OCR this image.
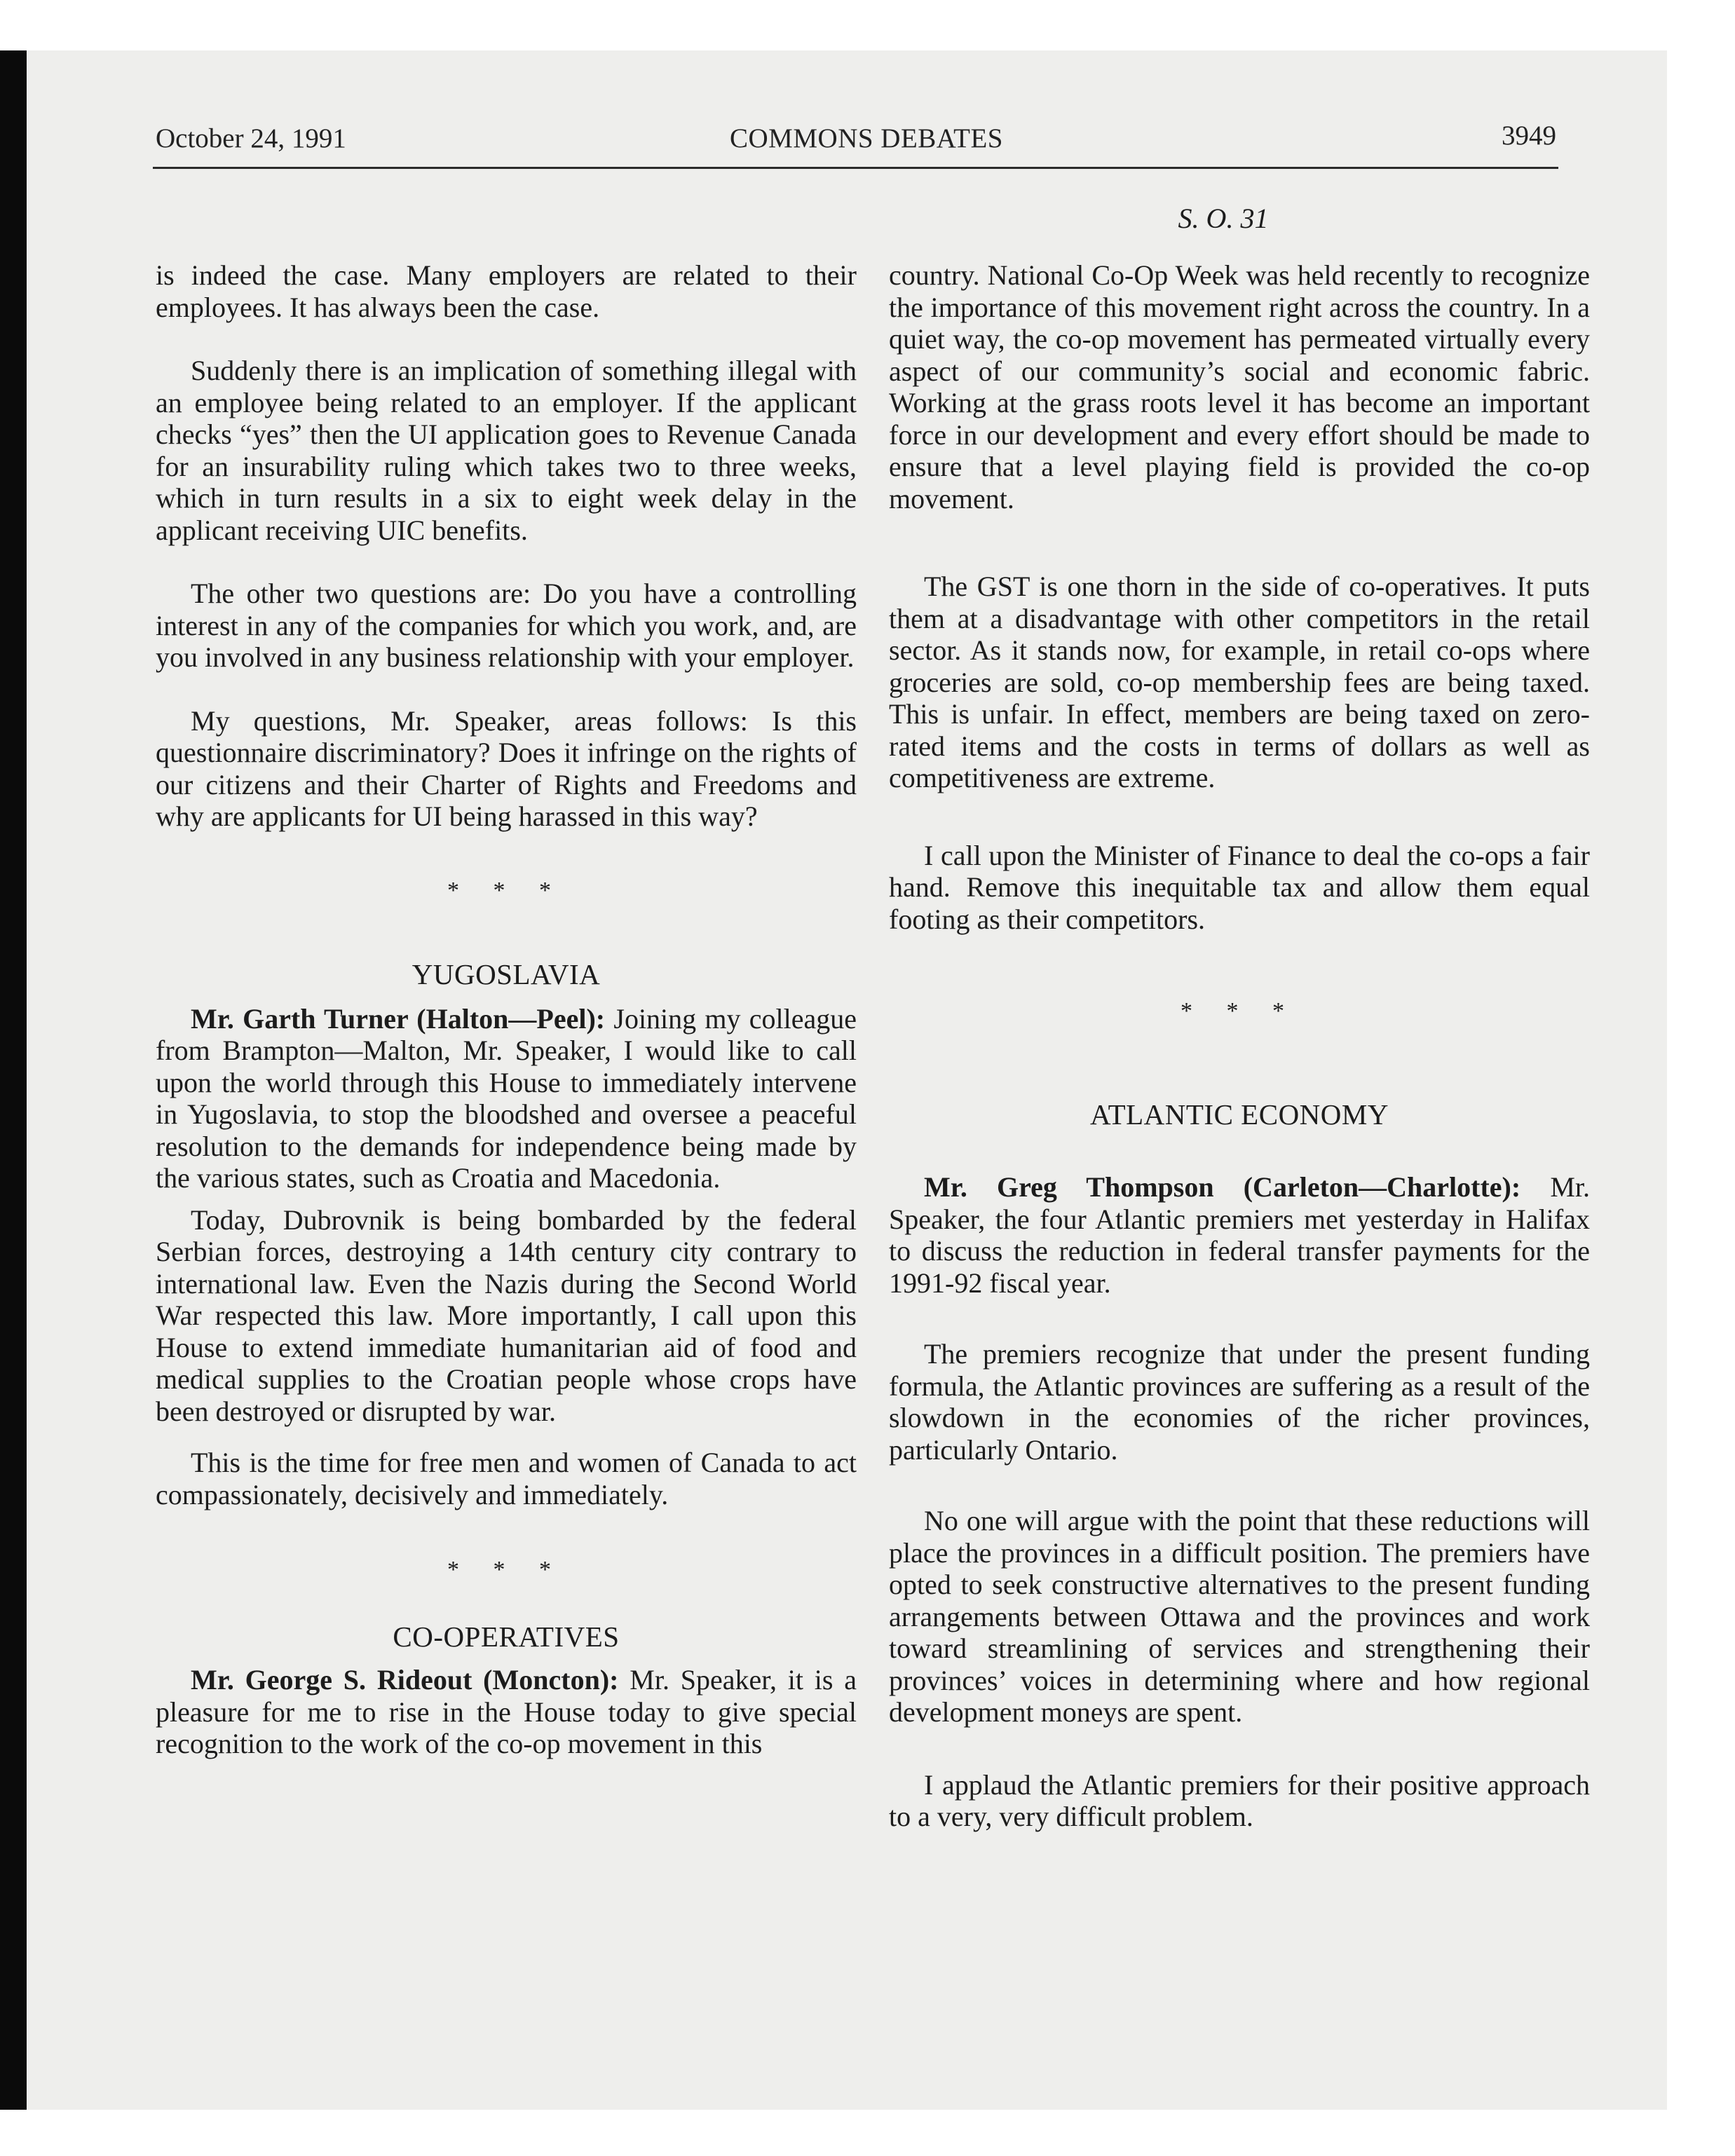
October 24, 1991	COMMONS DEBATES	3949
S. O. 31

is indeed the case. Many employers are related to their employees. It has always been the case.

Suddenly there is an implication of something illegal with an employee being related to an employer. If the applicant checks “yes” then the UI application goes to Revenue Canada for an insurability ruling which takes two to three weeks, which in turn results in a six to eight week delay in the applicant receiving UIC benefits.

The other two questions are: Do you have a controlling interest in any of the companies for which you work, and, are you involved in any business relationship with your employer.

My questions, Mr. Speaker, areas follows: Is this questionnaire discriminatory? Does it infringe on the rights of our citizens and their Charter of Rights and Freedoms and why are applicants for UI being harassed in this way?

* * *

YUGOSLAVIA

Mr. Garth Turner (Halton—Peel): Joining my colleague from Brampton—Malton, Mr. Speaker, I would like to call upon the world through this House to immediately intervene in Yugoslavia, to stop the bloodshed and oversee a peaceful resolution to the demands for independence being made by the various states, such as Croatia and Macedonia.

Today, Dubrovnik is being bombarded by the federal Serbian forces, destroying a 14th century city contrary to international law. Even the Nazis during the Second World War respected this law. More importantly, I call upon this House to extend immediate humanitarian aid of food and medical supplies to the Croatian people whose crops have been destroyed or disrupted by war.

This is the time for free men and women of Canada to act compassionately, decisively and immediately.

* * *

CO-OPERATIVES

Mr. George S. Rideout (Moncton): Mr. Speaker, it is a pleasure for me to rise in the House today to give special recognition to the work of the co-op movement in this

country. National Co-Op Week was held recently to recognize the importance of this movement right across the country. In a quiet way, the co-op movement has permeated virtually every aspect of our community’s social and economic fabric. Working at the grass roots level it has become an important force in our development and every effort should be made to ensure that a level playing field is provided the co-op movement.

The GST is one thorn in the side of co-operatives. It puts them at a disadvantage with other competitors in the retail sector. As it stands now, for example, in retail co-ops where groceries are sold, co-op membership fees are being taxed. This is unfair. In effect, members are being taxed on zero-rated items and the costs in terms of dollars as well as competitiveness are extreme.

I call upon the Minister of Finance to deal the co-ops a fair hand. Remove this inequitable tax and allow them equal footing as their competitors.

* * *

ATLANTIC ECONOMY

Mr. Greg Thompson (Carleton—Charlotte): Mr. Speaker, the four Atlantic premiers met yesterday in Halifax to discuss the reduction in federal transfer payments for the 1991-92 fiscal year.

The premiers recognize that under the present funding formula, the Atlantic provinces are suffering as a result of the slowdown in the economies of the richer provinces, particularly Ontario.

No one will argue with the point that these reductions will place the provinces in a difficult position. The premiers have opted to seek constructive alternatives to the present funding arrangements between Ottawa and the provinces and work toward streamlining of services and strengthening their provinces’ voices in determining where and how regional development moneys are spent.

I applaud the Atlantic premiers for their positive approach to a very, very difficult problem.
